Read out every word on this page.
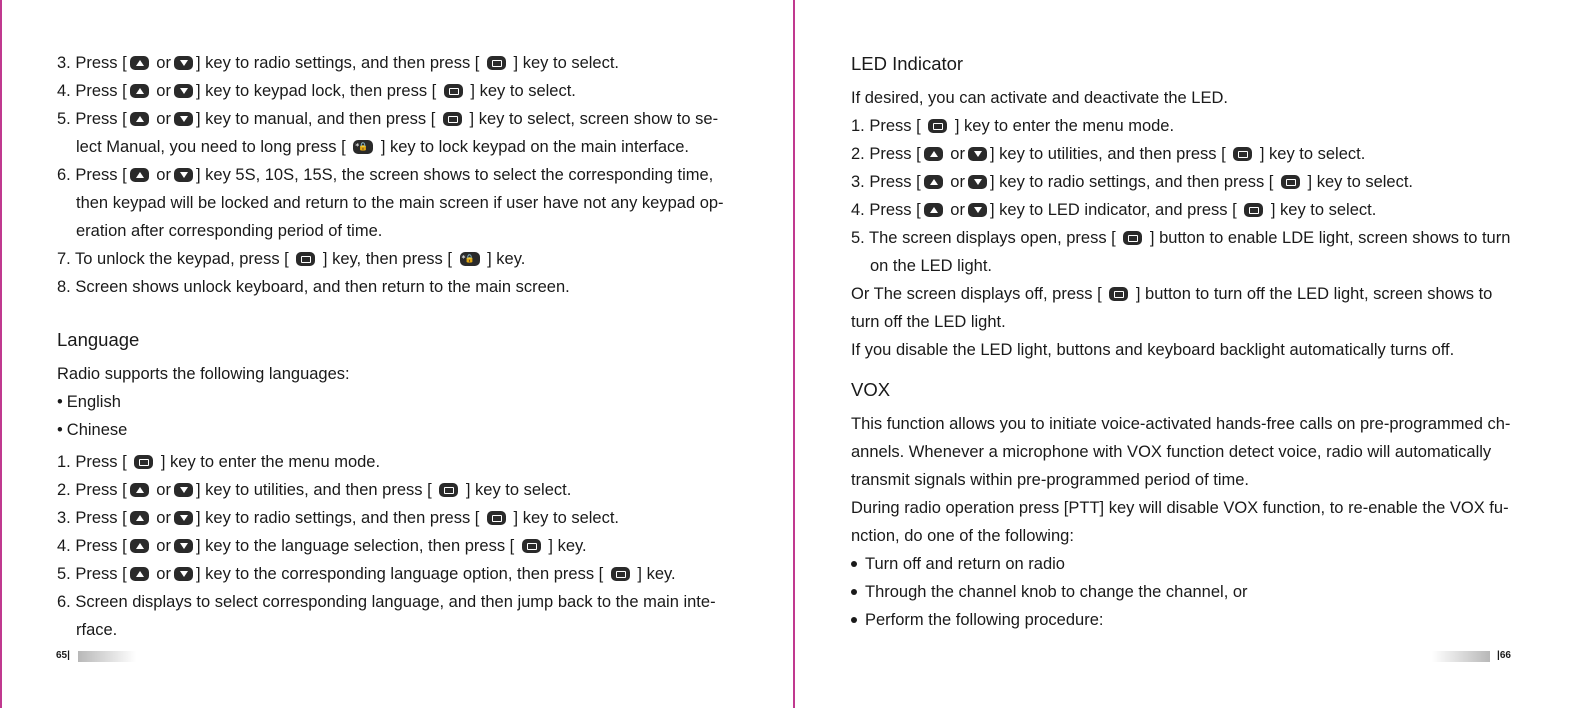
3. Press [ or ] key to radio settings, and then press [  ] key to select.
4. Press [ or ] key to keypad lock, then press [  ] key to select.
5. Press [ or ] key to manual, and then press [  ] key to select, screen show to se-
lect Manual, you need to long press [ *🔒 ] key to lock keypad on the main interface.
6. Press [ or ] key 5S, 10S, 15S, the screen shows to select the corresponding time,
then keypad will be locked and return to the main screen if user have not any keypad op-
eration after corresponding period of time.
7. To unlock the keypad, press [  ] key, then press [ *🔒 ] key.
8. Screen shows unlock keyboard, and then return to the main screen.
Language
Radio supports the following languages:
• English
• Chinese
1. Press [  ] key to enter the menu mode.
2. Press [ or ] key to utilities, and then press [  ] key to select.
3. Press [ or ] key to radio settings, and then press [  ] key to select.
4. Press [ or ] key to the language selection, then press [  ] key.
5. Press [ or ] key to the corresponding language option, then press [  ] key.
6. Screen displays to select corresponding language, and then jump back to the main inte-
rface.
65|
LED Indicator
If desired, you can activate and deactivate the LED.
1. Press [  ] key to enter the menu mode.
2. Press [ or ] key to utilities, and then press [  ] key to select.
3. Press [ or ] key to radio settings, and then press [  ] key to select.
4. Press [ or ] key to LED indicator, and press [  ] key to select.
5. The screen displays open, press [  ] button to enable LDE light, screen shows to turn
on the LED light.
Or The screen displays off, press [  ] button to turn off the LED light, screen shows to
turn off the LED light.
If you disable the LED light, buttons and keyboard backlight automatically turns off.
VOX
This function allows you to initiate voice-activated hands-free calls on pre-programmed ch-
annels. Whenever a microphone with VOX function detect voice, radio will automatically
transmit signals within pre-programmed period of time.
During radio operation press [PTT] key will disable VOX function, to re-enable the VOX fu-
nction, do one of the following:
Turn off and return on radio
Through the channel knob to change the channel, or
Perform the following procedure:
|66
